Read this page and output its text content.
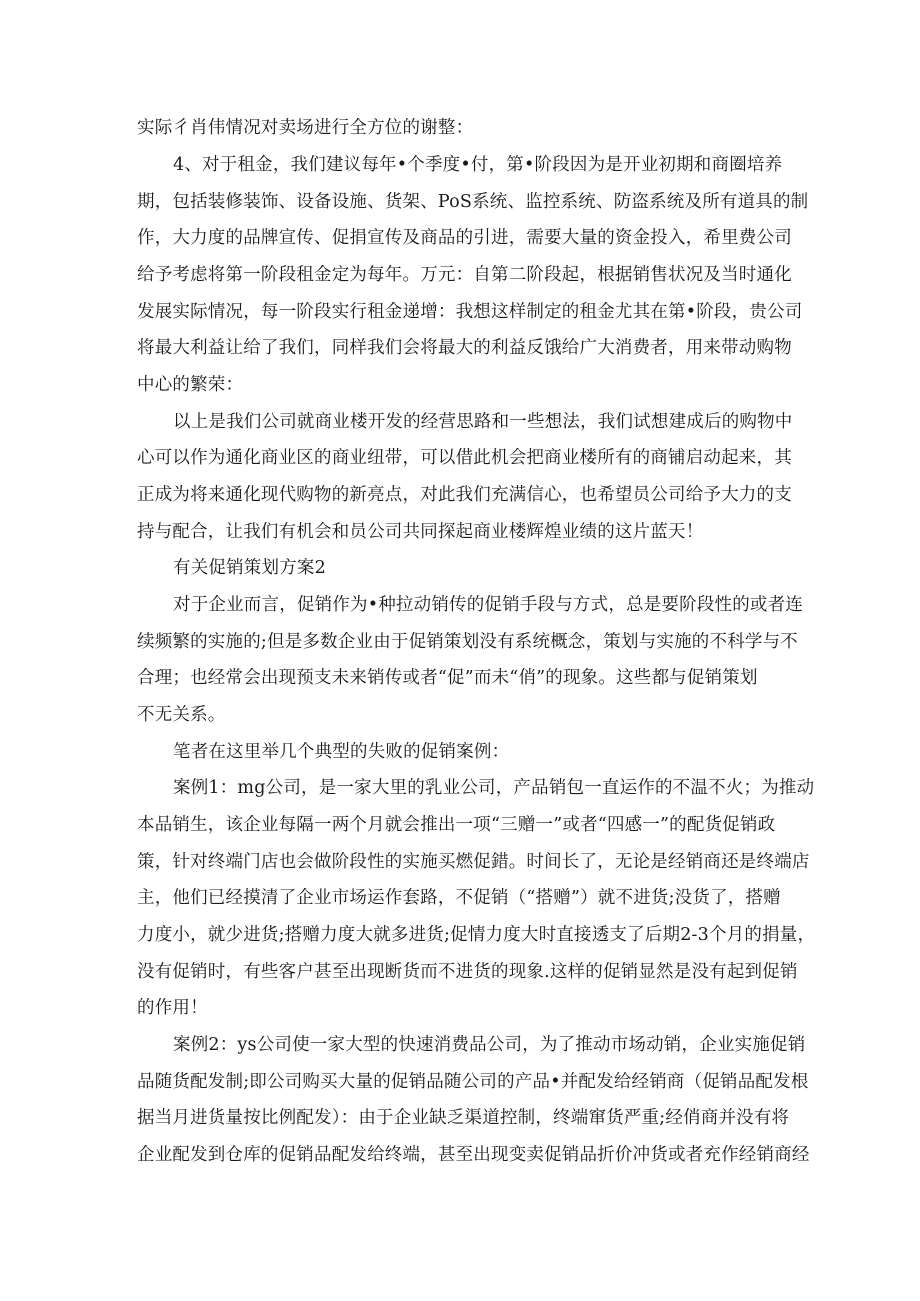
实际彳肖伟情况对卖场进行全方位的谢整：
4、对于租金，我们建议每年•个季度•付，第•阶段因为是开业初期和商圈培养
期，包括装修装饰、设备设施、货架、PoS系统、监控系统、防盗系统及所有道具的制
作，大力度的品牌宣传、促捐宣传及商品的引进，需要大量的资金投入，希里费公司
给予考虑将第一阶段租金定为每年。万元：自第二阶段起，根据销售状况及当时通化
发展实际情况，每一阶段实行租金递增：我想这样制定的租金尤其在第•阶段，贵公司
将最大利益让给了我们，同样我们会将最大的利益反饿给广大消费者，用来带动购物
中心的繁荣：
以上是我们公司就商业楼开发的经营思路和一些想法，我们试想建成后的购物中
心可以作为通化商业区的商业纽带，可以借此机会把商业楼所有的商铺启动起来，其
正成为将来通化现代购物的新亮点，对此我们充满信心，也希望员公司给予大力的支
持与配合，让我们有机会和员公司共同探起商业楼辉煌业绩的这片蓝天！
有关促销策划方案2
对于企业而言，促销作为•种拉动销传的促销手段与方式，总是要阶段性的或者连
续频繁的实施的;但是多数企业由于促销策划没有系统概念，策划与实施的不科学与不
合理；也经常会出现预支未来销传或者“促”而未“俏”的现象。这些都与促销策划
不无关系。
笔者在这里举几个典型的失败的促销案例：
案例1：mg公司，是一家大里的乳业公司，产品销包一直运作的不温不火；为推动
本品销生，该企业每隔一两个月就会推出一项“三赠一”或者“四感一”的配货促销政
策，针对终端门店也会做阶段性的实施买燃促錯。时间长了，无论是经销商还是终端店
主，他们已经摸清了企业市场运作套路，不促销（“搭赠”）就不进货;没货了，搭赠
力度小，就少进货;搭赠力度大就多进货;促情力度大时直接透支了后期2-3个月的捐量，
没有促销时，有些客户甚至出现断货而不进货的现象.这样的促销显然是没有起到促销
的作用！
案例2：ys公司使一家大型的快速消费品公司，为了推动市场动销，企业实施促销
品随货配发制;即公司购买大量的促销品随公司的产品•并配发给经销商（促销品配发根
据当月进货量按比例配发）：由于企业缺乏渠道控制，终端窜货严重;经俏商并没有将
企业配发到仓库的促销品配发给终端，甚至出现变卖促销品折价冲货或者充作经销商经
